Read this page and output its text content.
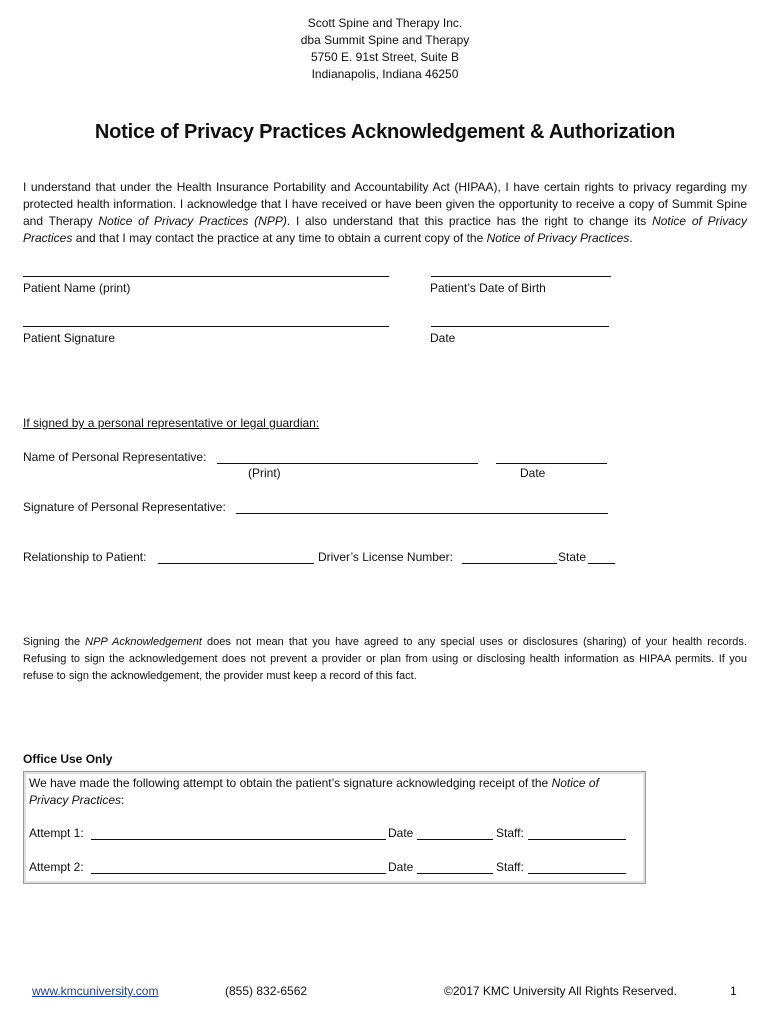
Scott Spine and Therapy Inc.
dba Summit Spine and Therapy
5750 E. 91st Street, Suite B
Indianapolis, Indiana 46250
Notice of Privacy Practices Acknowledgement & Authorization
I understand that under the Health Insurance Portability and Accountability Act (HIPAA), I have certain rights to privacy regarding my protected health information. I acknowledge that I have received or have been given the opportunity to receive a copy of Summit Spine and Therapy Notice of Privacy Practices (NPP). I also understand that this practice has the right to change its Notice of Privacy Practices and that I may contact the practice at any time to obtain a current copy of the Notice of Privacy Practices.
Patient Name (print)	Patient’s Date of Birth
Patient Signature	Date
If signed by a personal representative or legal guardian:
Name of Personal Representative:
(Print)	Date
Signature of Personal Representative:
Relationship to Patient:	Driver’s License Number:	State
Signing the NPP Acknowledgement does not mean that you have agreed to any special uses or disclosures (sharing) of your health records. Refusing to sign the acknowledgement does not prevent a provider or plan from using or disclosing health information as HIPAA permits. If you refuse to sign the acknowledgement, the provider must keep a record of this fact.
Office Use Only
We have made the following attempt to obtain the patient’s signature acknowledging receipt of the Notice of Privacy Practices:
Attempt 1:	Date	Staff:
Attempt 2:	Date	Staff:
www.kmcuniversity.com	(855) 832-6562	©2017 KMC University All Rights Reserved.	1
